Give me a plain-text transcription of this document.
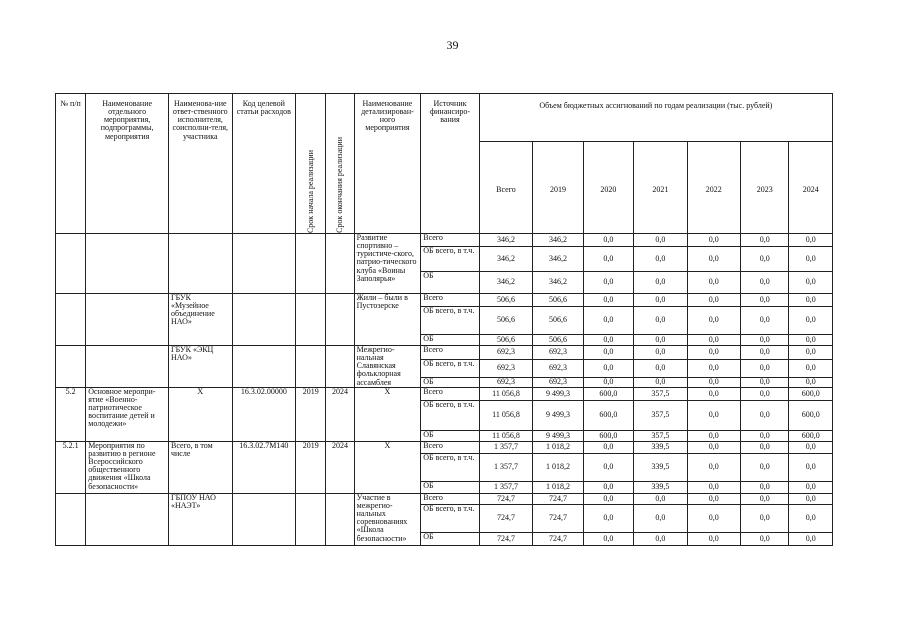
39
№ п/п	Наименование отдельного мероприятия, подпрограммы, мероприятия	Наименова-ние ответ-ственного исполнителя, соисполни-теля, участника	Код целевой статьи расходов	Срок начала реализации	Срок окончания реализации	Наименование детализирован-ного мероприятия	Источник финансиро-вания	Объем бюджетных ассигнований по годам реализации (тыс. рублей)						
								Всего	2019	2020	2021	2022	2023	2024
						Развитие спортивно – туристиче-ского, патрио-тического клуба «Воины Заполярья»	Всего	346,2	346,2	0,0	0,0	0,0	0,0	0,0
							ОБ всего, в т.ч.	346,2	346,2	0,0	0,0	0,0	0,0	0,0
							ОБ	346,2	346,2	0,0	0,0	0,0	0,0	0,0
		ГБУК «Музейное объединение НАО»				Жили – были в Пустозерске	Всего	506,6	506,6	0,0	0,0	0,0	0,0	0,0
							ОБ всего, в т.ч.	506,6	506,6	0,0	0,0	0,0	0,0	0,0
							ОБ	506,6	506,6	0,0	0,0	0,0	0,0	0,0
		ГБУК «ЭКЦ НАО»				Межрегио-нальная Славянская фольклорная ассамблея	Всего	692,3	692,3	0,0	0,0	0,0	0,0	0,0
							ОБ всего, в т.ч.	692,3	692,3	0,0	0,0	0,0	0,0	0,0
							ОБ	692,3	692,3	0,0	0,0	0,0	0,0	0,0
5.2	Основное меропри-ятие «Военно-патриотическое воспитание детей и молодежи»	Х	16.3.02.00000	2019	2024	Х	Всего	11 056,8	9 499,3	600,0	357,5	0,0	0,0	600,0
							ОБ всего, в т.ч.	11 056,8	9 499,3	600,0	357,5	0,0	0,0	600,0
							ОБ	11 056,8	9 499,3	600,0	357,5	0,0	0,0	600,0
5.2.1	Мероприятия по развитию в регионе Всероссийского общественного движения «Школа безопасности»	Всего, в том числе	16.3.02.7М140	2019	2024	Х	Всего	1 357,7	1 018,2	0,0	339,5	0,0	0,0	0,0
							ОБ всего, в т.ч.	1 357,7	1 018,2	0,0	339,5	0,0	0,0	0,0
							ОБ	1 357,7	1 018,2	0,0	339,5	0,0	0,0	0,0
		ГБПОУ НАО «НАЭТ»				Участие в межрегио-нальных соревнованиях «Школа безопасности»	Всего	724,7	724,7	0,0	0,0	0,0	0,0	0,0
							ОБ всего, в т.ч.	724,7	724,7	0,0	0,0	0,0	0,0	0,0
							ОБ	724,7	724,7	0,0	0,0	0,0	0,0	0,0
